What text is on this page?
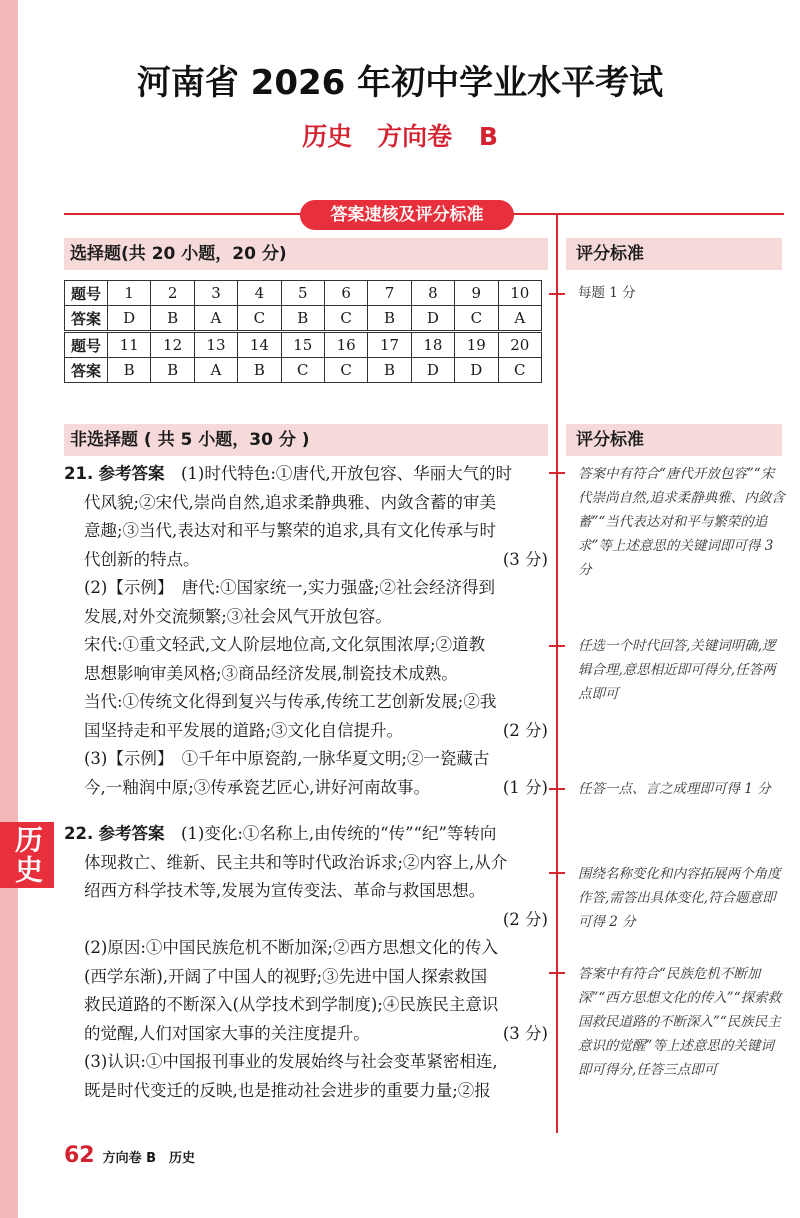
历史
河南省 2026 年初中学业水平考试
历史　方向卷 B
答案速核及评分标准
选择题(共 20 小题，20 分)	评分标准
题号	1	2	3	4	5	6	7	8	9	10
答案	D	B	A	C	B	C	B	D	C	A
题号	11	12	13	14	15	16	17	18	19	20
答案	B	B	A	B	C	C	B	D	D	C
每题 1 分
非选择题 ( 共 5 小题，30 分 )	评分标准
21. 参考答案　 (1)时代特色:①唐代,开放包容、华丽大气的时
代风貌;②宋代,崇尚自然,追求柔静典雅、内敛含蓄的审美
意趣;③当代,表达对和平与繁荣的追求,具有文化传承与时
代创新的特点。	(3 分)
(2)【示例】　唐代:①国家统一,实力强盛;②社会经济得到
发展,对外交流频繁;③社会风气开放包容。
宋代:①重文轻武,文人阶层地位高,文化氛围浓厚;②道教
思想影响审美风格;③商品经济发展,制瓷技术成熟。
当代:①传统文化得到复兴与传承,传统工艺创新发展;②我
国坚持走和平发展的道路;③文化自信提升。	(2 分)
(3)【示例】　①千年中原瓷韵,一脉华夏文明;②一瓷藏古
今,一釉润中原;③传承瓷艺匠心,讲好河南故事。	(1 分)
答案中有符合“唐代开放包容”“宋代崇尚自然,追求柔静典雅、内敛含蓄”“当代表达对和平与繁荣的追求”等上述意思的关键词即可得 3 分
任选一个时代回答,关键词明确,逻辑合理,意思相近即可得分,任答两点即可
任答一点、言之成理即可得 1 分
22. 参考答案　 (1)变化:①名称上,由传统的“传”“纪”等转向
体现救亡、维新、民主共和等时代政治诉求;②内容上,从介
绍西方科学技术等,发展为宣传变法、革命与救国思想。
(2 分)
(2)原因:①中国民族危机不断加深;②西方思想文化的传入
(西学东渐),开阔了中国人的视野;③先进中国人探索救国
救民道路的不断深入(从学技术到学制度);④民族民主意识
的觉醒,人们对国家大事的关注度提升。	(3 分)
(3)认识:①中国报刊事业的发展始终与社会变革紧密相连,
既是时代变迁的反映,也是推动社会进步的重要力量;②报
围绕名称变化和内容拓展两个角度作答,需答出具体变化,符合题意即可得 2 分
答案中有符合“民族危机不断加深”“西方思想文化的传入”“探索救国救民道路的不断深入”“民族民主意识的觉醒”等上述意思的关键词即可得分,任答三点即可
62 方向卷 B　历史
